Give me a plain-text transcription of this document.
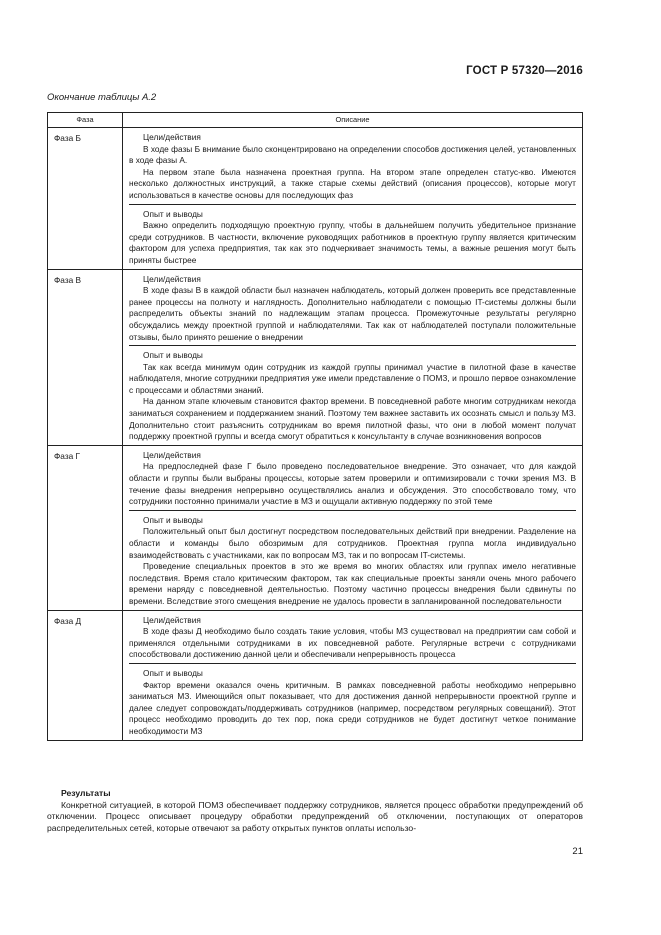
ГОСТ Р 57320—2016
Окончание таблицы А.2
Фаза	Описание
Фаза Б	Цели/действия

В ходе фазы Б внимание было сконцентрировано на определении способов достижения целей, установленных в ходе фазы А.

На первом этапе была назначена проектная группа. На втором этапе определен статус-кво. Имеются несколько должностных инструкций, а также старые схемы действий (описания процессов), которые могут использоваться в качестве основы для последующих фаз

Опыт и выводы

Важно определить подходящую проектную группу, чтобы в дальнейшем получить убедительное признание среди сотрудников. В частности, включение руководящих работников в проектную группу является критическим фактором для успеха предприятия, так как это подчеркивает значимость темы, а важные решения могут быть приняты быстрее

Фаза В	Цели/действия

В ходе фазы В в каждой области был назначен наблюдатель, который должен проверить все представленные ранее процессы на полноту и наглядность. Дополнительно наблюдатели с помощью IT-системы должны были распределить объекты знаний по надлежащим этапам процесса. Промежуточные результаты регулярно обсуждались между проектной группой и наблюдателями. Так как от наблюдателей поступали положительные отзывы, было принято решение о внедрении

Опыт и выводы

Так как всегда минимум один сотрудник из каждой группы принимал участие в пилотной фазе в качестве наблюдателя, многие сотрудники предприятия уже имели представление о ПОМЗ, и прошло первое ознакомление с процессами и областями знаний.

На данном этапе ключевым становится фактор времени. В повседневной работе многим сотрудникам некогда заниматься сохранением и поддержанием знаний. Поэтому тем важнее заставить их осознать смысл и пользу МЗ. Дополнительно стоит разъяснить сотрудникам во время пилотной фазы, что они в любой момент получат поддержку проектной группы и всегда смогут обратиться к консультанту в случае возникновения вопросов

Фаза Г	Цели/действия

На предпоследней фазе Г было проведено последовательное внедрение. Это означает, что для каждой области и группы были выбраны процессы, которые затем проверили и оптимизировали с точки зрения МЗ. В течение фазы внедрения непрерывно осуществлялись анализ и обсуждения. Это способствовало тому, что сотрудники постоянно принимали участие в МЗ и ощущали активную поддержку по этой теме

Опыт и выводы

Положительный опыт был достигнут посредством последовательных действий при внедрении. Разделение на области и команды было обозримым для сотрудников. Проектная группа могла индивидуально взаимодействовать с участниками, как по вопросам МЗ, так и по вопросам IT-системы.

Проведение специальных проектов в это же время во многих областях или группах имело негативные последствия. Время стало критическим фактором, так как специальные проекты заняли очень много рабочего времени наряду с повседневной деятельностью. Поэтому частично процессы внедрения были сдвинуты по времени. Вследствие этого смещения внедрение не удалось провести в запланированной последовательности

Фаза Д	Цели/действия

В ходе фазы Д необходимо было создать такие условия, чтобы МЗ существовал на предприятии сам собой и применялся отдельными сотрудниками в их повседневной работе. Регулярные встречи с сотрудниками способствовали достижению данной цели и обеспечивали непрерывность процесса

Опыт и выводы

Фактор времени оказался очень критичным. В рамках повседневной работы необходимо непрерывно заниматься МЗ. Имеющийся опыт показывает, что для достижения данной непрерывности проектной группе и далее следует сопровождать/поддерживать сотрудников (например, посредством регулярных совещаний). Этот процесс необходимо проводить до тех пор, пока среди сотрудников не будет достигнут четкое понимание необходимости МЗ

Результаты

Конкретной ситуацией, в которой ПОМЗ обеспечивает поддержку сотрудников, является процесс обработки предупреждений об отключении. Процесс описывает процедуру обработки предупреждений об отключении, поступающих от операторов распределительных сетей, которые отвечают за работу открытых пунктов оплаты использо-

21
